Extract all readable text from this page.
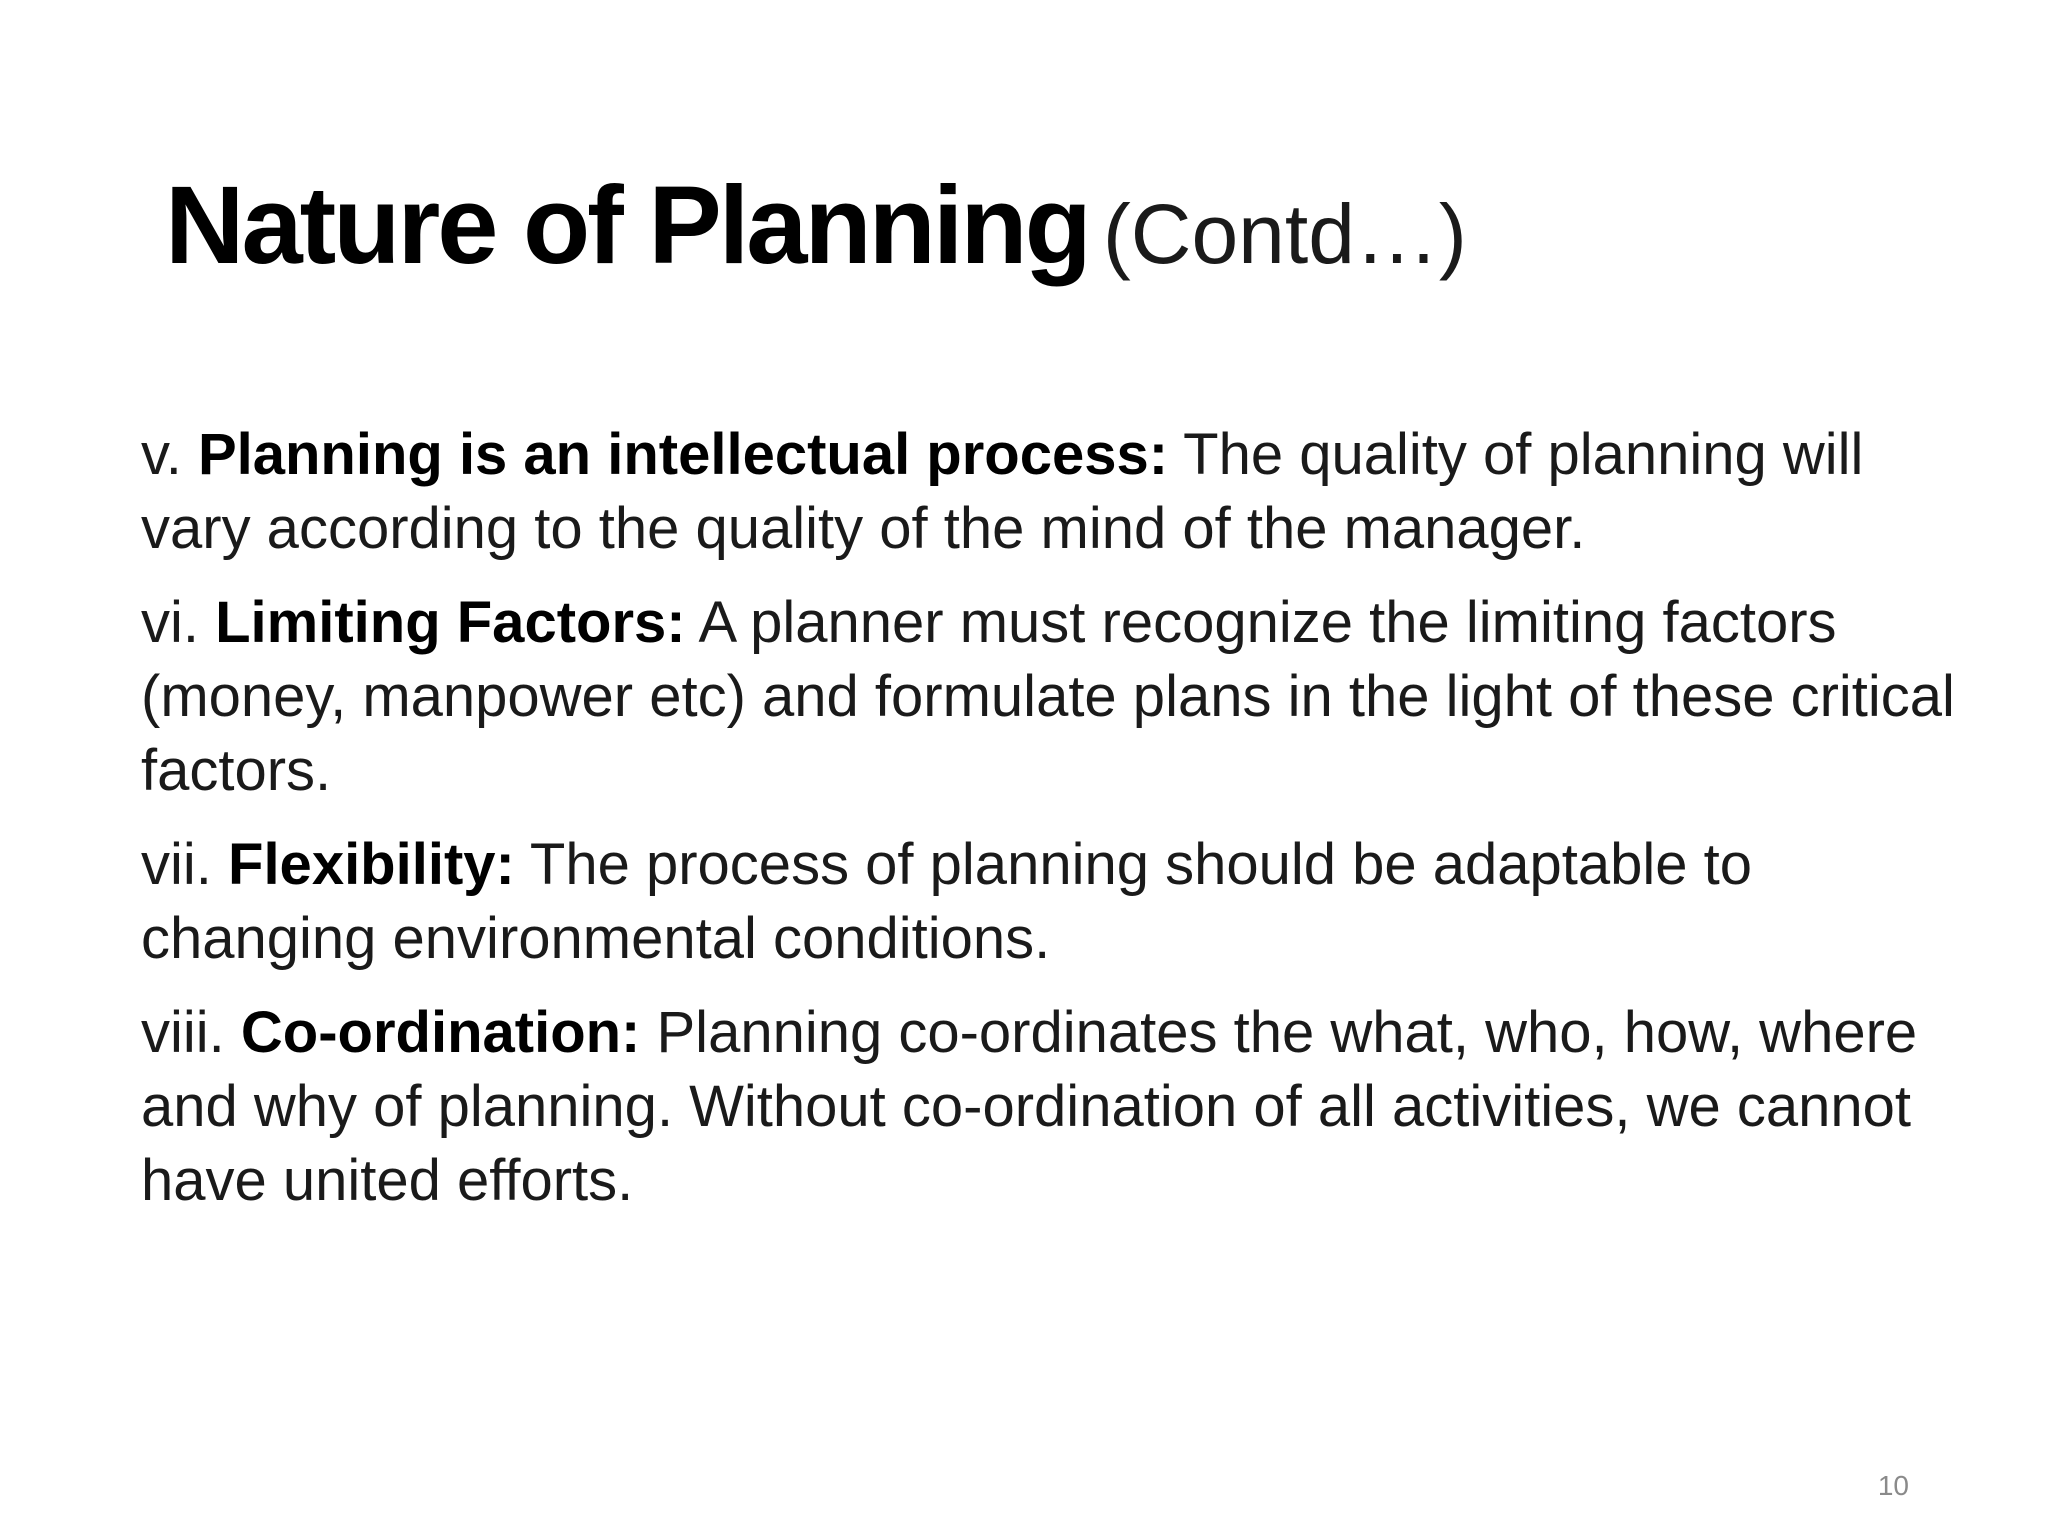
Nature of Planning (Contd…)

v. Planning is an intellectual process: The quality of planning will vary according to the quality of the mind of the manager.

vi. Limiting Factors: A planner must recognize the limiting factors (money, manpower etc) and formulate plans in the light of these critical factors.

vii. Flexibility: The process of planning should be adaptable to changing environmental conditions.

viii. Co-ordination: Planning co-ordinates the what, who, how, where and why of planning. Without co-ordination of all activities, we cannot have united efforts.

10
